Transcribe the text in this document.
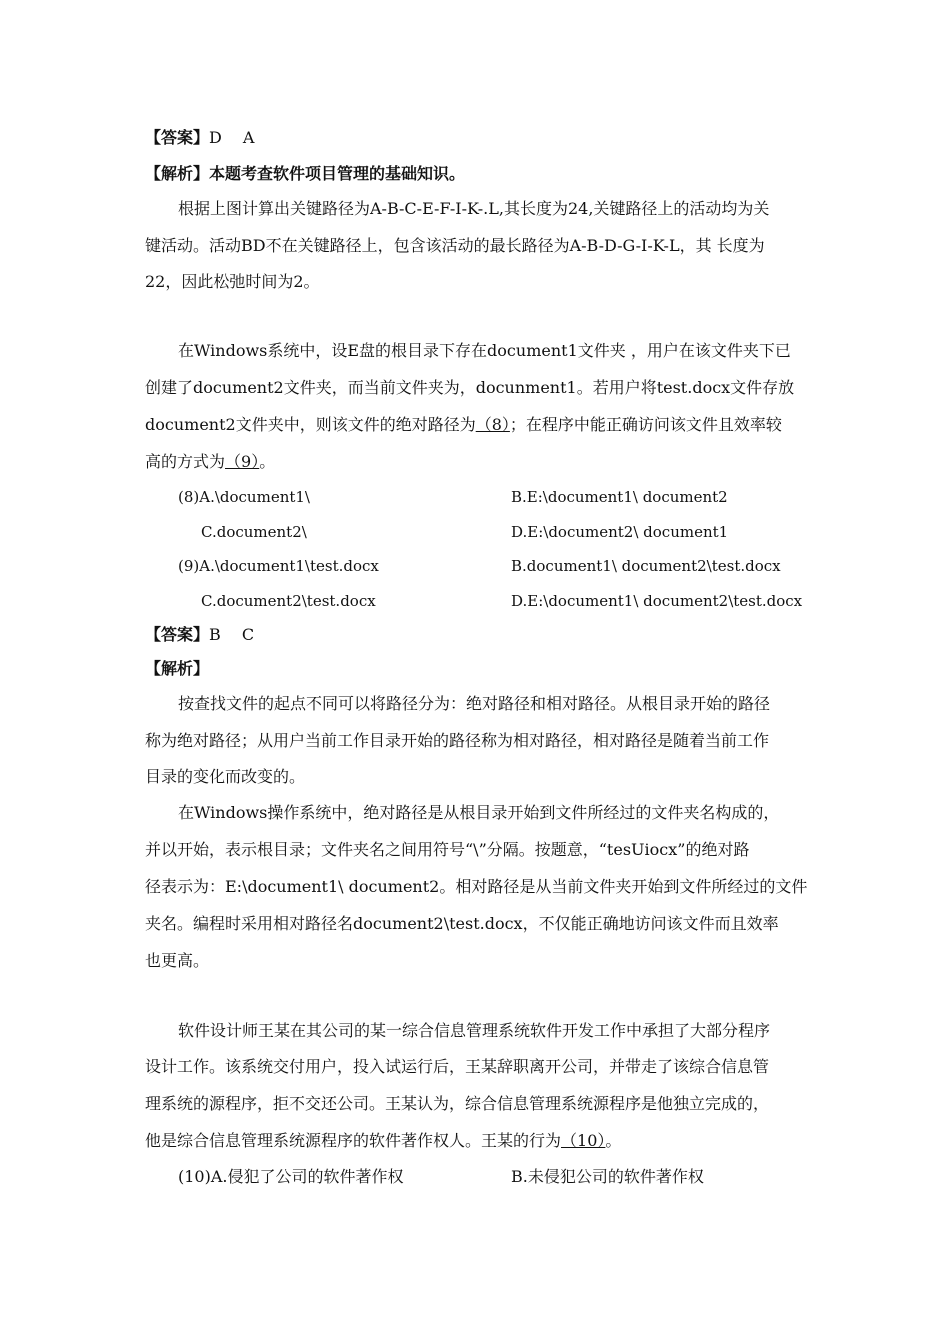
【答案】D　 A
【解析】本题考查软件项目管理的基础知识。
根据上图计算出关键路径为A-B-C-E-F-I-K-.L,其长度为24,关键路径上的活动均为关
键活动。活动BD不在关键路径上，包含该活动的最长路径为A-B-D-G-I-K-L，其 长度为
22，因此松弛时间为2。
在Windows系统中，设E盘的根目录下存在document1文件夹 ，用户在该文件夹下已
创建了document2文件夹，而当前文件夹为，docunment1。若用户将test.docx文件存放
document2文件夹中，则该文件的绝对路径为（8）；在程序中能正确访问该文件且效率较
高的方式为（9）。
(8)A.\document1\	B.E:\document1\ document2
C.document2\	D.E:\document2\ document1
(9)A.\document1\test.docx	B.document1\ document2\test.docx
C.document2\test.docx	D.E:\document1\ document2\test.docx
【答案】B　 C
【解析】
按查找文件的起点不同可以将路径分为：绝对路径和相对路径。从根目录开始的路径
称为绝对路径；从用户当前工作目录开始的路径称为相对路径，相对路径是随着当前工作
目录的变化而改变的。
在Windows操作系统中，绝对路径是从根目录开始到文件所经过的文件夹名构成的，
并以开始，表示根目录；文件夹名之间用符号“\”分隔。按题意，“tesUiocx”的绝对路
径表示为：E:\document1\ document2。相对路径是从当前文件夹开始到文件所经过的文件
夹名。编程时采用相对路径名document2\test.docx，不仅能正确地访问该文件而且效率
也更高。
软件设计师王某在其公司的某一综合信息管理系统软件开发工作中承担了大部分程序
设计工作。该系统交付用户，投入试运行后，王某辞职离开公司，并带走了该综合信息管
理系统的源程序，拒不交还公司。王某认为，综合信息管理系统源程序是他独立完成的，
他是综合信息管理系统源程序的软件著作权人。王某的行为（10）。
(10)A.侵犯了公司的软件著作权	B.未侵犯公司的软件著作权
